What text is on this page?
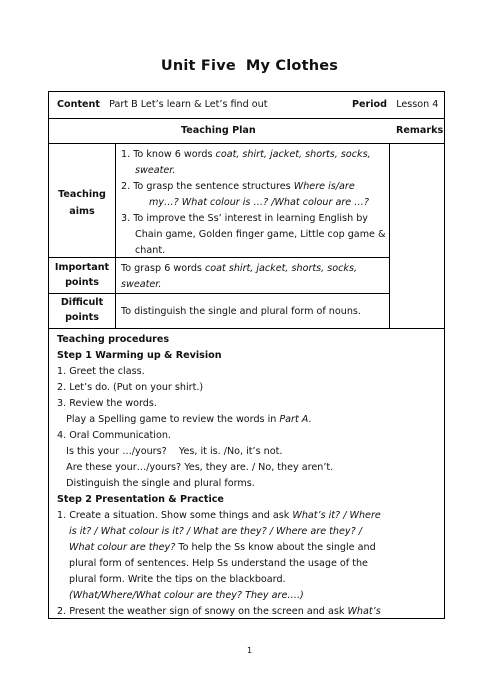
Unit Five My Clothes
Content Part B Let’s learn & Let’s find out	Period Lesson 4
Teaching Plan	Remarks
Teaching
aims
1. To know 6 words coat, shirt, jacket, shorts, socks,
sweater.
2. To grasp the sentence structures Where is/are
my…? What colour is …? /What colour are …?
3. To improve the Ss’ interest in learning English by
Chain game, Golden finger game, Little cop game &
chant.
Important
points
To grasp 6 words coat shirt, jacket, shorts, socks,
sweater.
Difficult
points
To distinguish the single and plural form of nouns.
Teaching procedures
Step 1 Warming up & Revision
1. Greet the class.
2. Let’s do. (Put on your shirt.)
3. Review the words.
Play a Spelling game to review the words in Part A.
4. Oral Communication.
Is this your …/yours?    Yes, it is. /No, it’s not.
Are these your…/yours? Yes, they are. / No, they aren’t.
Distinguish the single and plural forms.
Step 2 Presentation & Practice
1. Create a situation. Show some things and ask What’s it? / Where
is it? / What colour is it? / What are they? / Where are they? /
What colour are they? To help the Ss know about the single and
plural form of sentences. Help Ss understand the usage of the
plural form. Write the tips on the blackboard.
(What/Where/What colour are they? They are….)
2. Present the weather sign of snowy on the screen and ask What’s
1
